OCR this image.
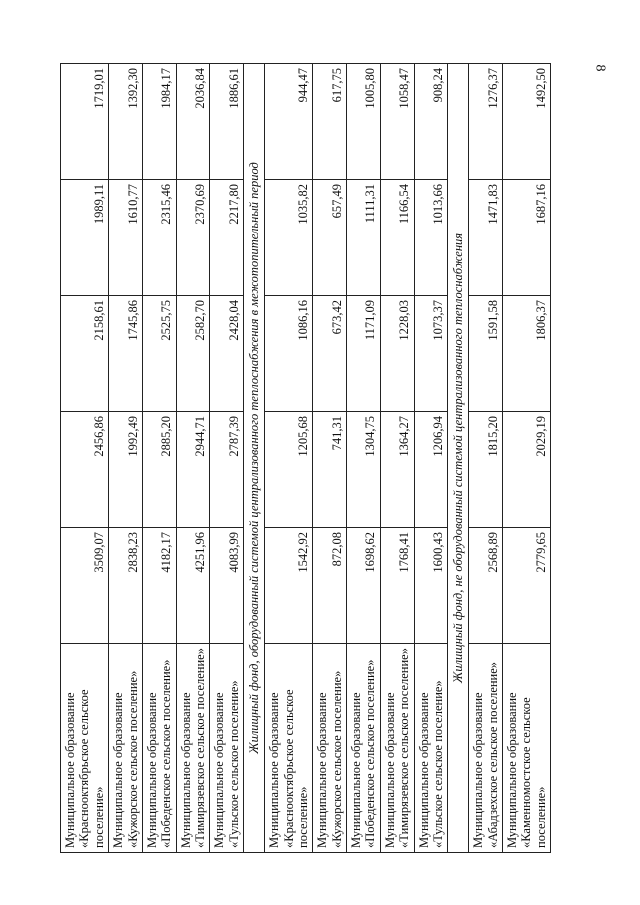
8
Муниципальное образование «Краснооктябрьское сельское поселение»	3509,07	2456,86	2158,61	1989,11	1719,01
Муниципальное образование «Кужорское сельское поселение»	2838,23	1992,49	1745,86	1610,77	1392,30
Муниципальное образование «Победенское сельское поселение»	4182,17	2885,20	2525,75	2315,46	1984,17
Муниципальное образование «Тимирязевское сельское поселение»	4251,96	2944,71	2582,70	2370,69	2036,84
Муниципальное образование «Тульское сельское поселение»	4083,99	2787,39	2428,04	2217,80	1886,61
Жилищный фонд, оборудованный системой централизованного теплоснабжения в межотопительный период					
Муниципальное образование «Краснооктябрьское сельское поселение»	1542,92	1205,68	1086,16	1035,82	944,47
Муниципальное образование «Кужорское сельское поселение»	872,08	741,31	673,42	657,49	617,75
Муниципальное образование «Победенское сельское поселение»	1698,62	1304,75	1171,09	1111,31	1005,80
Муниципальное образование «Тимирязевское сельское поселение»	1768,41	1364,27	1228,03	1166,54	1058,47
Муниципальное образование «Тульское сельское поселение»	1600,43	1206,94	1073,37	1013,66	908,24
Жилищный фонд, не оборудованный системой централизованного теплоснабжения					
Муниципальное образование «Абадзехское сельское поселение»	2568,89	1815,20	1591,58	1471,83	1276,37
Муниципальное образование «Каменномостское сельское поселение»	2779,65	2029,19	1806,37	1687,16	1492,50
